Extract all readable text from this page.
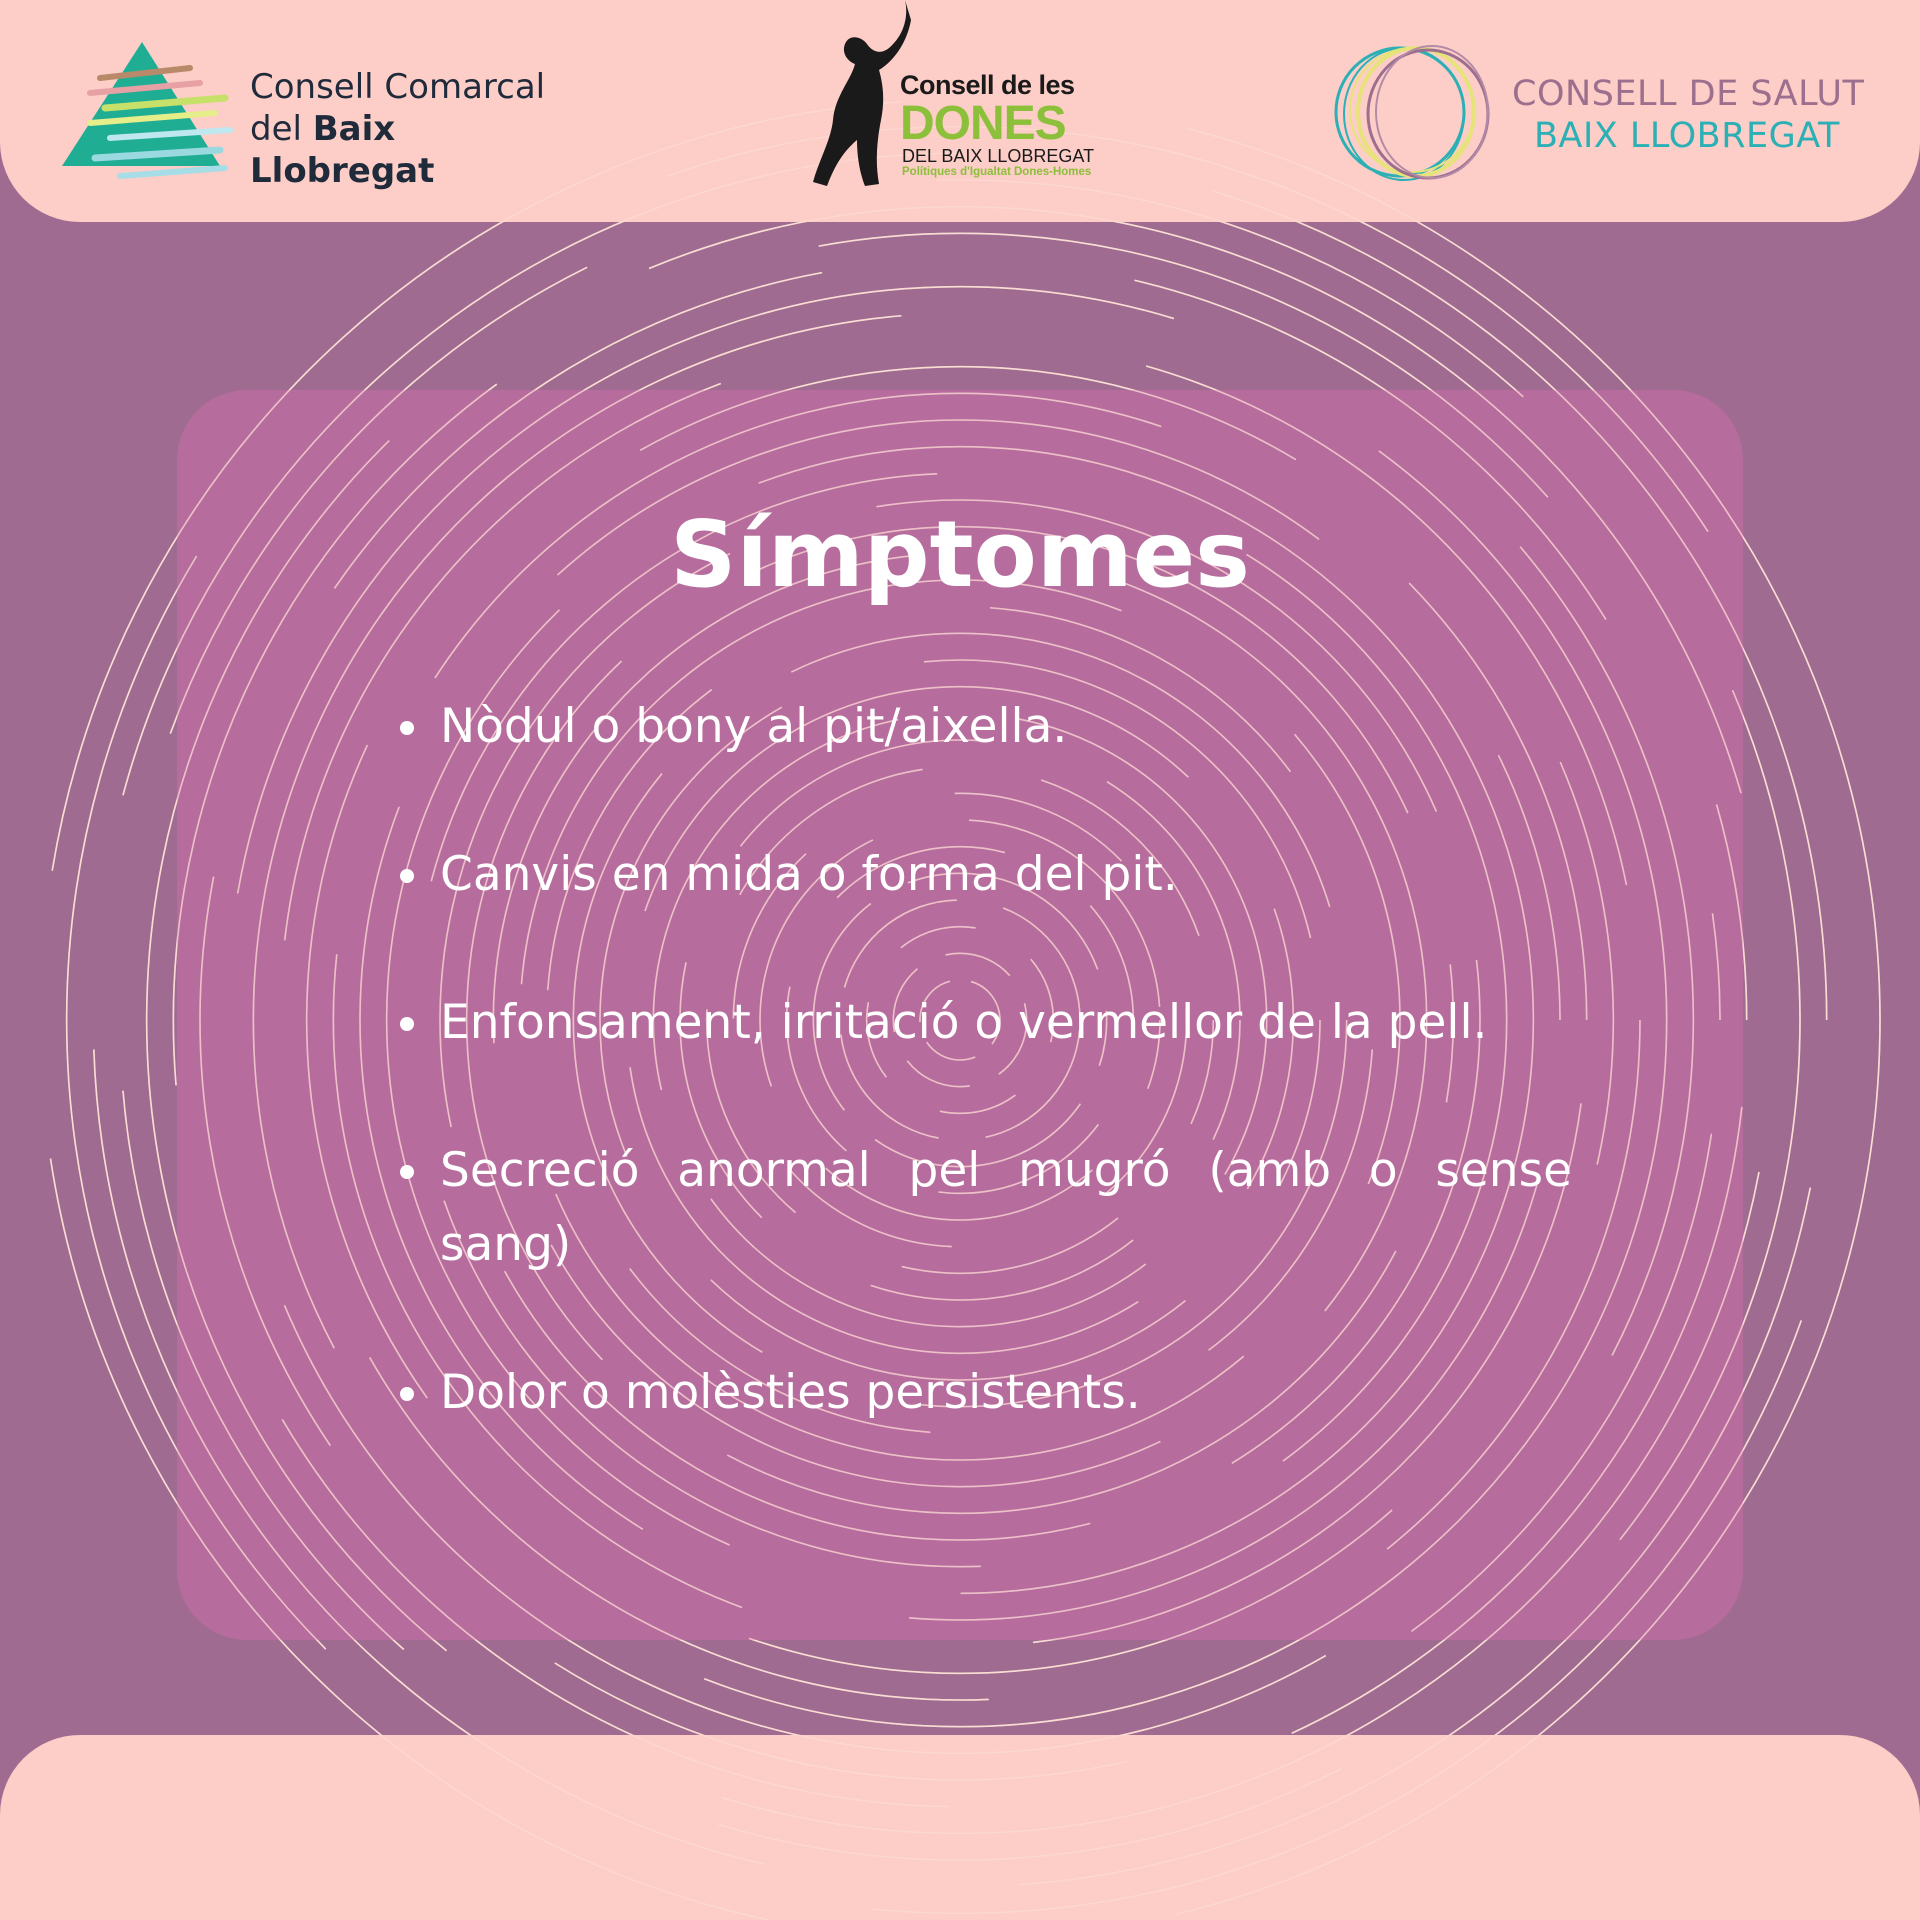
Consell Comarcal
del Baix Llobregat
Consell de les
DONES
DEL BAIX LLOBREGAT
Polítiques d'Igualtat Dones-Homes
CONSELL DE SALUT
BAIX LLOBREGAT
Símptomes
Nòdul o bony al pit/aixella.
Canvis en mida o forma del pit.
Enfonsament, irritació o vermellor de la pell.
Secreció anormal pel mugró (amb o sense sang)
Dolor o molèsties persistents.
